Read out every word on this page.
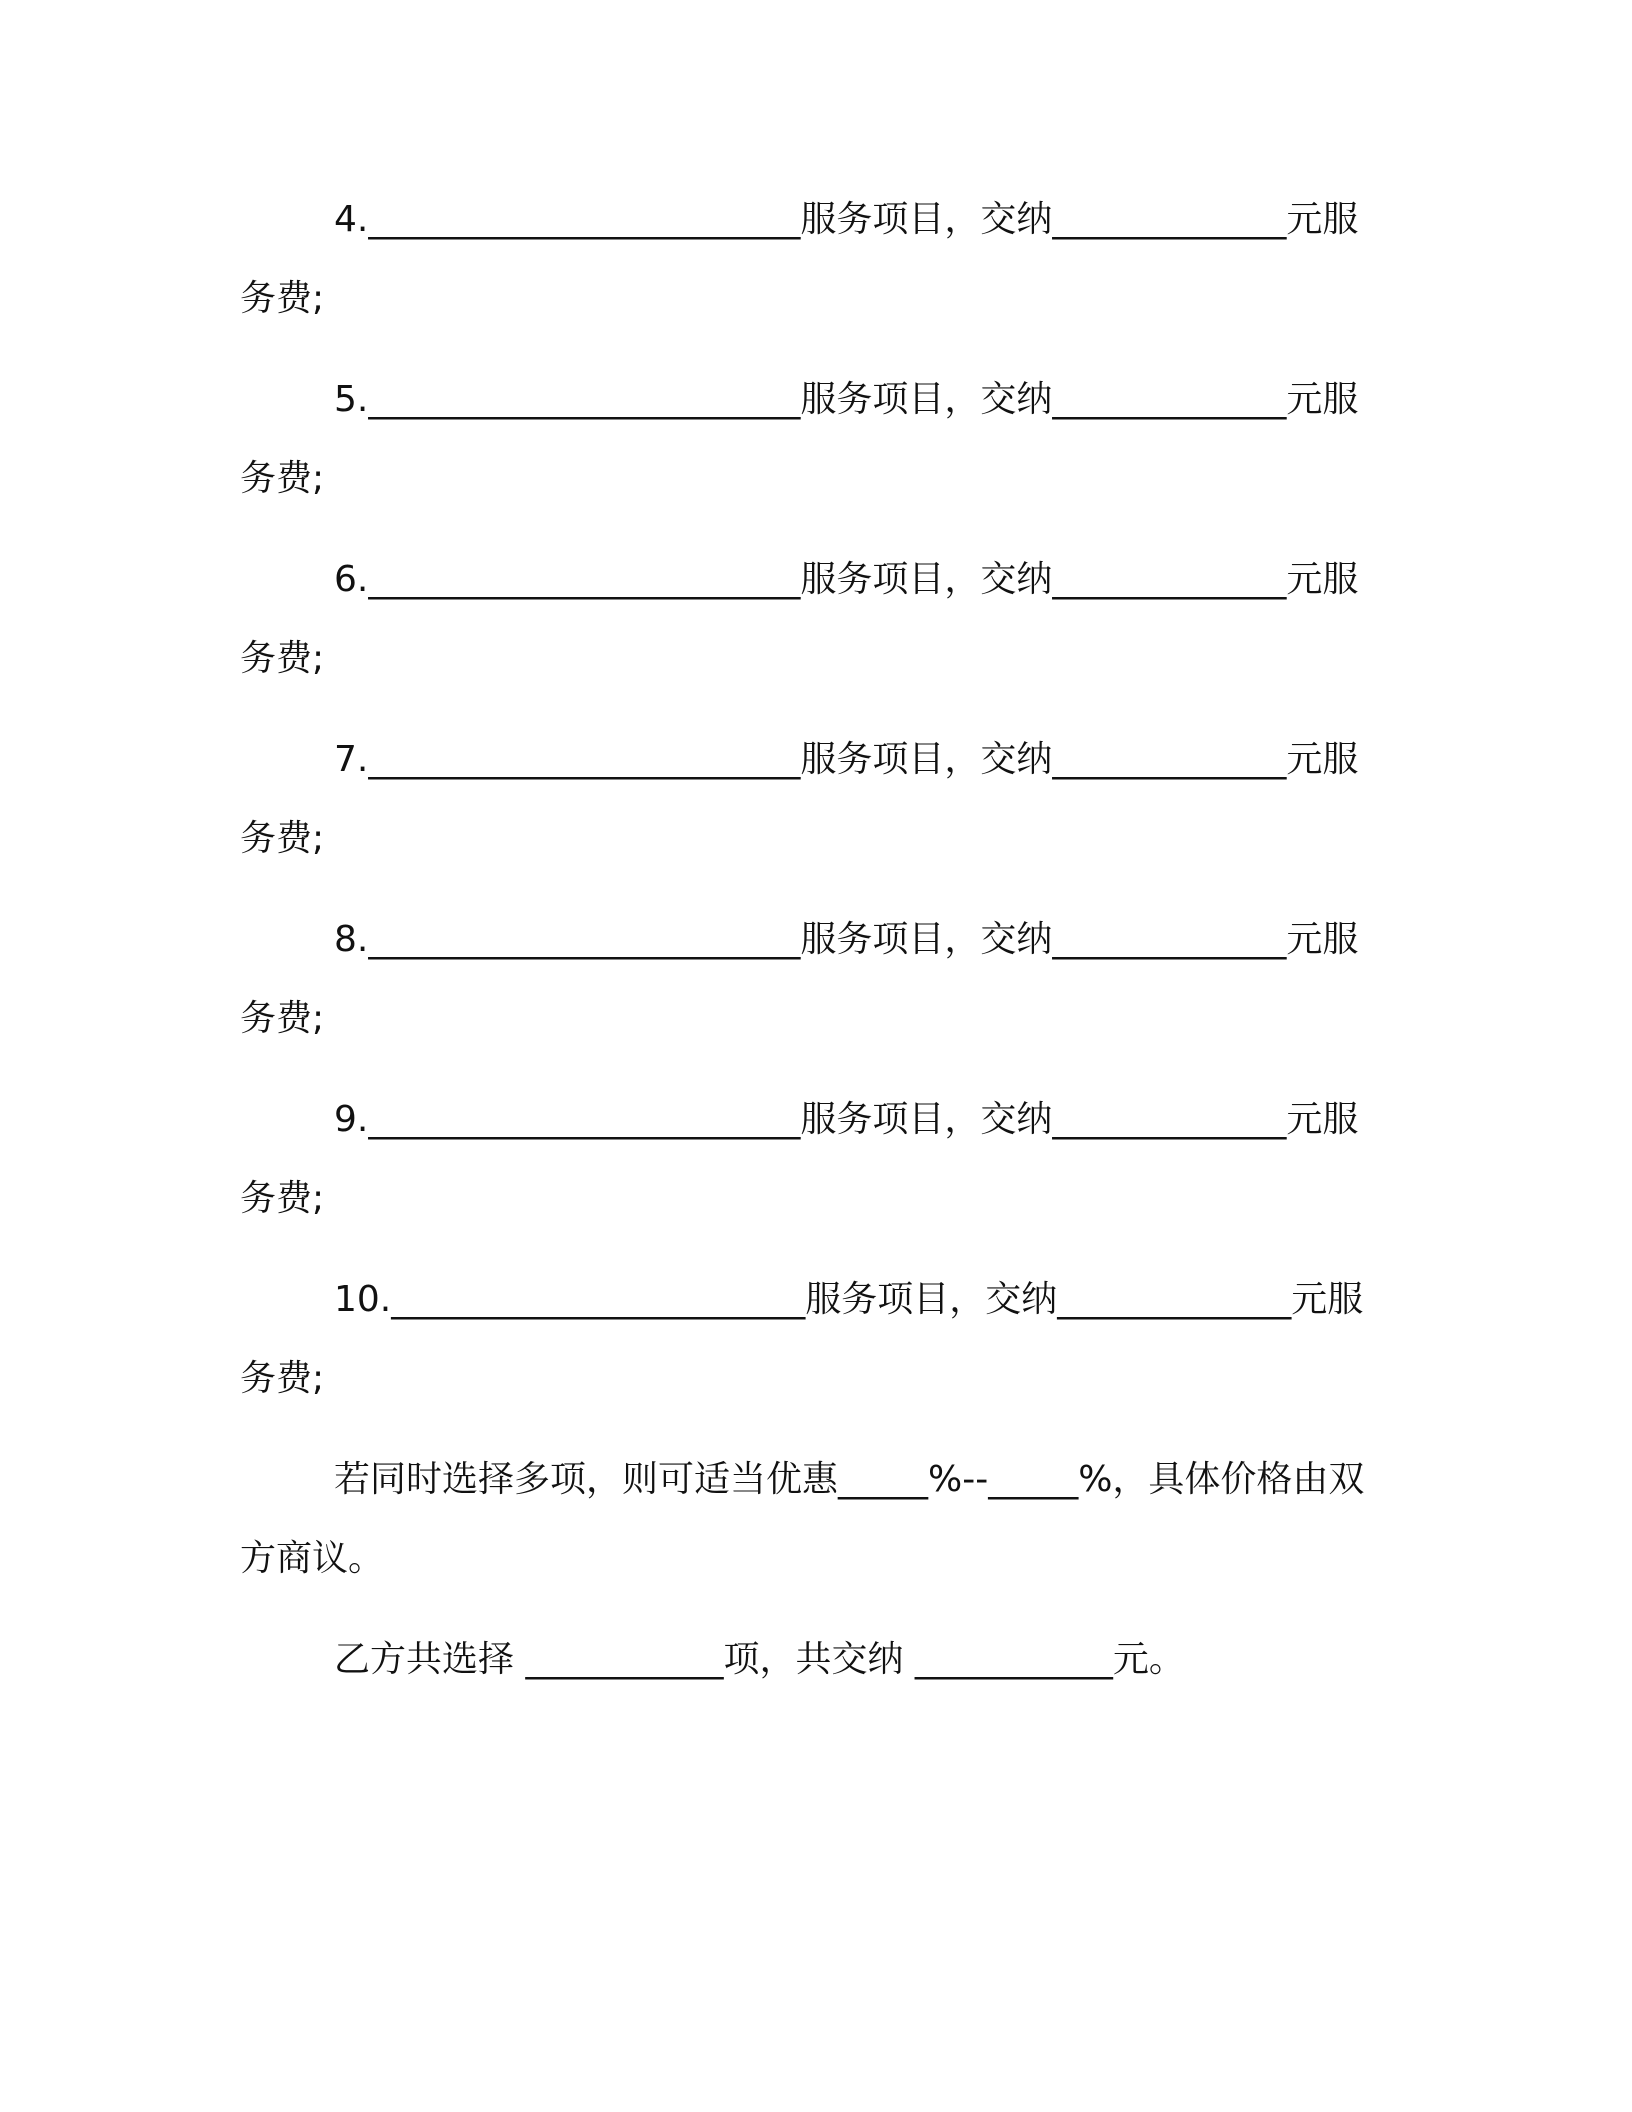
4.________________________服务项目，交纳_____________元服务费;

5.________________________服务项目，交纳_____________元服务费;

6.________________________服务项目，交纳_____________元服务费;

7.________________________服务项目，交纳_____________元服务费;

8.________________________服务项目，交纳_____________元服务费;

9.________________________服务项目，交纳_____________元服务费;

10._______________________服务项目，交纳_____________元服务费;

若同时选择多项，则可适当优惠_____%--_____%，具体价格由双方商议。

乙方共选择 ___________项，共交纳 ___________元。
